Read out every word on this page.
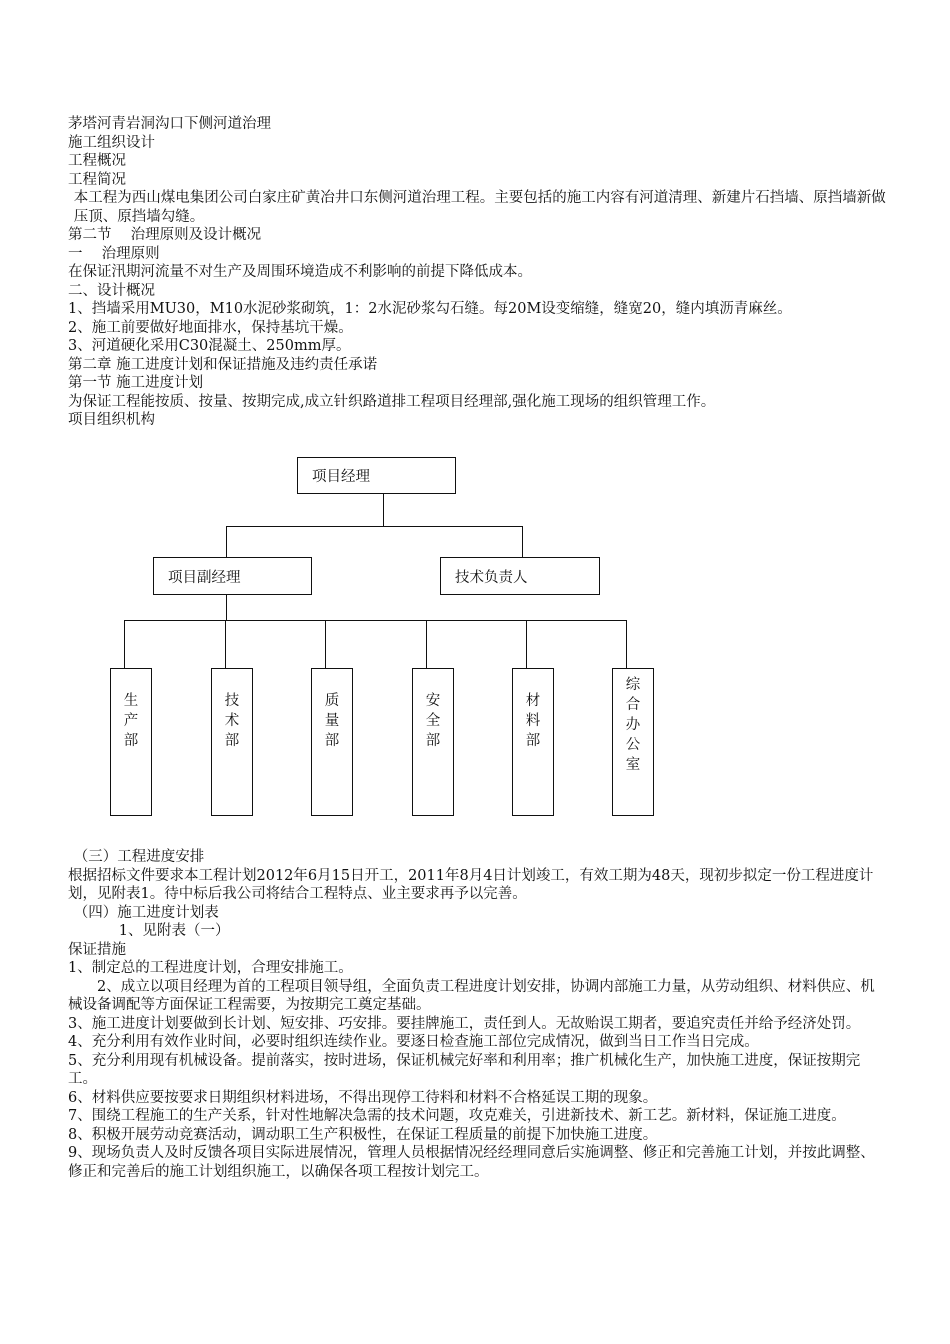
茅塔河青岩洞沟口下侧河道治理

施工组织设计

工程概况

工程简况

本工程为西山煤电集团公司白家庄矿黄冶井口东侧河道治理工程。主要包括的施工内容有河道清理、新建片石挡墙、原挡墙新做压顶、原挡墙勾缝。

第二节　 治理原则及设计概况

一　 治理原则

在保证汛期河流量不对生产及周围环境造成不利影响的前提下降低成本。

二、设计概况

1、挡墙采用MU30，M10水泥砂浆砌筑，1：2水泥砂浆勾石缝。每20M设变缩缝，缝宽20，缝内填沥青麻丝。

2、施工前要做好地面排水，保持基坑干燥。

3、河道硬化采用C30混凝土、250mm厚。

第二章 施工进度计划和保证措施及违约责任承诺

第一节 施工进度计划

为保证工程能按质、按量、按期完成,成立针织路道排工程项目经理部,强化施工现场的组织管理工作。

项目组织机构

项目经理
项目副经理	技术负责人
生
产
部
技
术
部
质
量
部
安
全
部
材
料
部
综
合
办
公
室

（三）工程进度安排

根据招标文件要求本工程计划2012年6月15日开工，2011年8月4日计划竣工，有效工期为48天，现初步拟定一份工程进度计划，见附表1。待中标后我公司将结合工程特点、业主要求再予以完善。

（四）施工进度计划表

1、见附表（一）

保证措施

1、制定总的工程进度计划，合理安排施工。

2、成立以项目经理为首的工程项目领导组，全面负责工程进度计划安排，协调内部施工力量，从劳动组织、材料供应、机械设备调配等方面保证工程需要，为按期完工奠定基础。

3、施工进度计划要做到长计划、短安排、巧安排。要挂牌施工，责任到人。无故贻误工期者，要追究责任并给予经济处罚。

4、充分利用有效作业时间，必要时组织连续作业。要逐日检查施工部位完成情况，做到当日工作当日完成。

5、充分利用现有机械设备。提前落实，按时进场，保证机械完好率和利用率；推广机械化生产，加快施工进度，保证按期完工。

6、材料供应要按要求日期组织材料进场，不得出现停工待料和材料不合格延误工期的现象。

7、围绕工程施工的生产关系，针对性地解决急需的技术问题，攻克难关，引进新技术、新工艺。新材料，保证施工进度。

8、积极开展劳动竞赛活动，调动职工生产积极性，在保证工程质量的前提下加快施工进度。

9、现场负责人及时反馈各项目实际进展情况，管理人员根据情况经经理同意后实施调整、修正和完善施工计划，并按此调整、修正和完善后的施工计划组织施工，以确保各项工程按计划完工。
